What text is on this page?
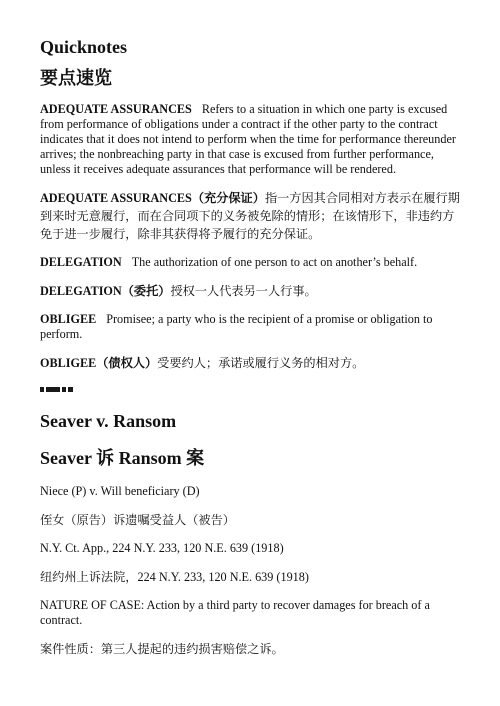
Quicknotes
要点速览

ADEQUATE ASSURANCES Refers to a situation in which one party is excused from performance of obligations under a contract if the other party to the contract indicates that it does not intend to perform when the time for performance thereunder arrives; the nonbreaching party in that case is excused from further performance, unless it receives adequate assurances that performance will be rendered.

ADEQUATE ASSURANCES（充分保证）指一方因其合同相对方表示在履行期到来时无意履行，而在合同项下的义务被免除的情形；在该情形下，非违约方免于进一步履行，除非其获得将予履行的充分保证。

DELEGATION The authorization of one person to act on another’s behalf.

DELEGATION（委托）授权一人代表另一人行事。

OBLIGEE Promisee; a party who is the recipient of a promise or obligation to perform.

OBLIGEE（债权人）受要约人；承诺或履行义务的相对方。

Seaver v. Ransom
Seaver 诉 Ransom 案

Niece (P) v. Will beneficiary (D)

侄女（原告）诉遗嘱受益人（被告）

N.Y. Ct. App., 224 N.Y. 233, 120 N.E. 639 (1918)

纽约州上诉法院，224 N.Y. 233, 120 N.E. 639 (1918)

NATURE OF CASE: Action by a third party to recover damages for breach of a contract.

案件性质：第三人提起的违约损害赔偿之诉。
